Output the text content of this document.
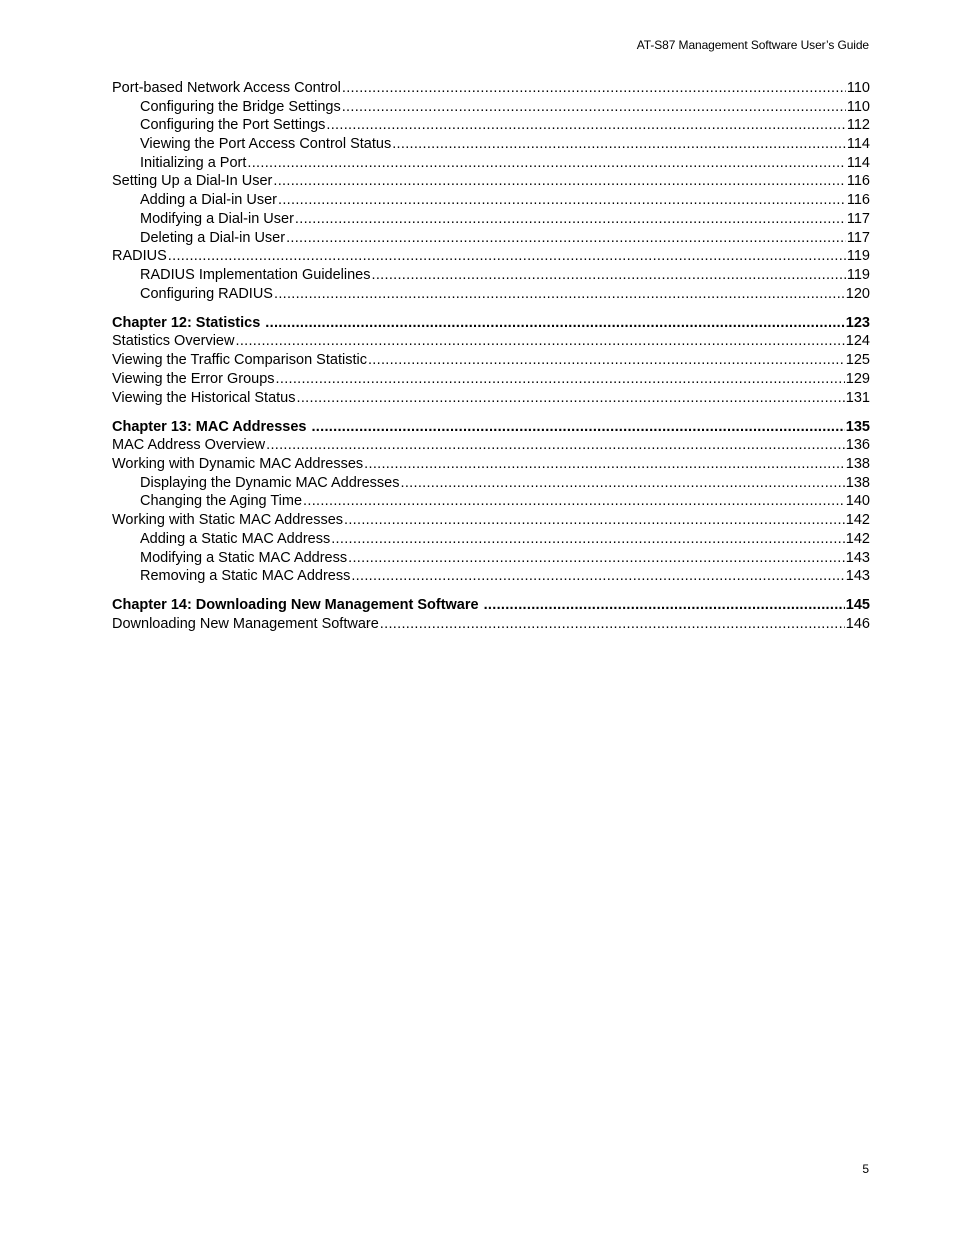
AT-S87 Management Software User’s Guide
Port-based Network Access Control .....	110
Configuring the Bridge Settings .....	110
Configuring the Port Settings .....	112
Viewing the Port Access Control Status .....	114
Initializing a Port .....	114
Setting Up a Dial-In User .....	116
Adding a Dial-in User .....	116
Modifying a Dial-in User .....	117
Deleting a Dial-in User .....	117
RADIUS .....	119
RADIUS Implementation Guidelines .....	119
Configuring RADIUS .....	120
Chapter 12: Statistics .....	123
Statistics Overview .....	124
Viewing the Traffic Comparison Statistic .....	125
Viewing the Error Groups .....	129
Viewing the Historical Status .....	131
Chapter 13: MAC Addresses .....	135
MAC Address Overview .....	136
Working with Dynamic MAC Addresses .....	138
Displaying the Dynamic MAC Addresses .....	138
Changing the Aging Time .....	140
Working with Static MAC Addresses .....	142
Adding a Static MAC Address .....	142
Modifying a Static MAC Address .....	143
Removing a Static MAC Address .....	143
Chapter 14: Downloading New Management Software .....	145
Downloading New Management Software .....	146
5
